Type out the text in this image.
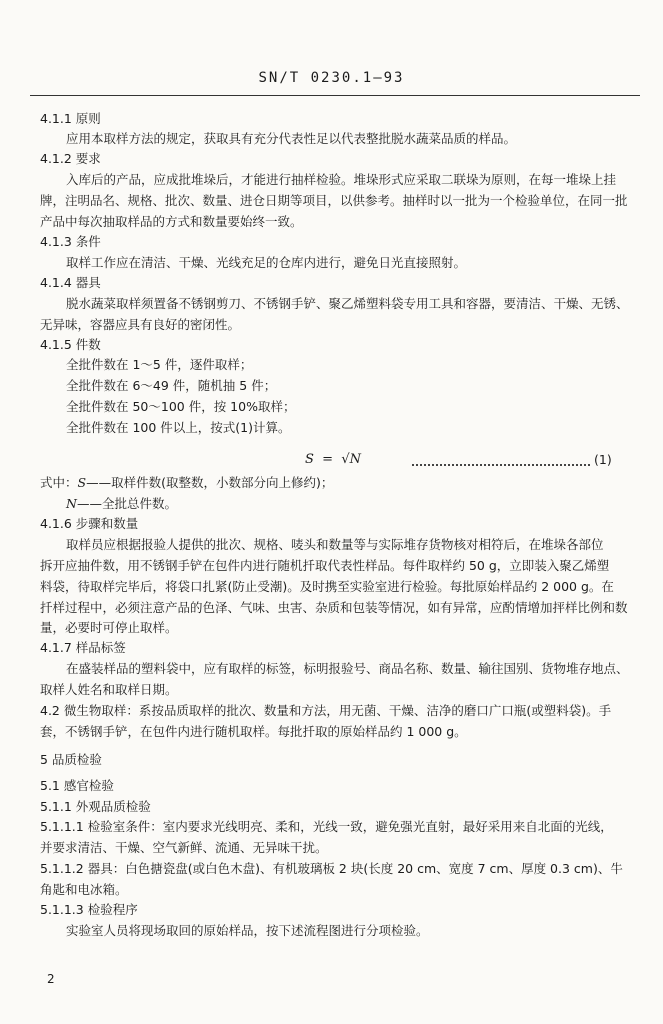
SN/T 0230.1—93

4.1.1 原则

应用本取样方法的规定，获取具有充分代表性足以代表整批脱水蔬菜品质的样品。

4.1.2 要求

入库后的产品，应成批堆垛后，才能进行抽样检验。堆垛形式应采取二联垛为原则，在每一堆垛上挂

牌，注明品名、规格、批次、数量、进仓日期等项目，以供参考。抽样时以一批为一个检验单位，在同一批

产品中每次抽取样品的方式和数量要始终一致。

4.1.3 条件

取样工作应在清洁、干燥、光线充足的仓库内进行，避免日光直接照射。

4.1.4 器具

脱水蔬菜取样须置备不锈钢剪刀、不锈钢手铲、聚乙烯塑料袋专用工具和容器，要清洁、干燥、无锈、

无异味，容器应具有良好的密闭性。

4.1.5 件数

全批件数在 1～5 件，逐件取样；

全批件数在 6～49 件，随机抽 5 件；

全批件数在 50～100 件，按 10%取样；

全批件数在 100 件以上，按式(1)计算。

S = √N	(1)

式中：S——取样件数(取整数，小数部分向上修约)；

N——全批总件数。

4.1.6 步骤和数量

取样员应根据报验人提供的批次、规格、唛头和数量等与实际堆存货物核对相符后，在堆垛各部位

拆开应抽件数，用不锈钢手铲在包件内进行随机扦取代表性样品。每件取样约 50 g，立即装入聚乙烯塑

料袋，待取样完毕后，将袋口扎紧(防止受潮)。及时携至实验室进行检验。每批原始样品约 2 000 g。在

扦样过程中，必须注意产品的色泽、气味、虫害、杂质和包装等情况，如有异常，应酌情增加抨样比例和数

量，必要时可停止取样。

4.1.7 样品标签

在盛装样品的塑料袋中，应有取样的标签，标明报验号、商品名称、数量、输往国别、货物堆存地点、

取样人姓名和取样日期。

4.2 微生物取样：系按品质取样的批次、数量和方法，用无菌、干燥、洁净的磨口广口瓶(或塑料袋)。手

套，不锈钢手铲，在包件内进行随机取样。每批扦取的原始样品约 1 000 g。

5 品质检验

5.1 感官检验

5.1.1 外观品质检验

5.1.1.1 检验室条件：室内要求光线明亮、柔和，光线一致，避免强光直射，最好采用来自北面的光线，

并要求清洁、干燥、空气新鲜、流通、无异味干扰。

5.1.1.2 器具：白色搪瓷盘(或白色木盘)、有机玻璃板 2 块(长度 20 cm、宽度 7 cm、厚度 0.3 cm)、牛

角匙和电冰箱。

5.1.1.3 检验程序

实验室人员将现场取回的原始样品，按下述流程图进行分项检验。

2
